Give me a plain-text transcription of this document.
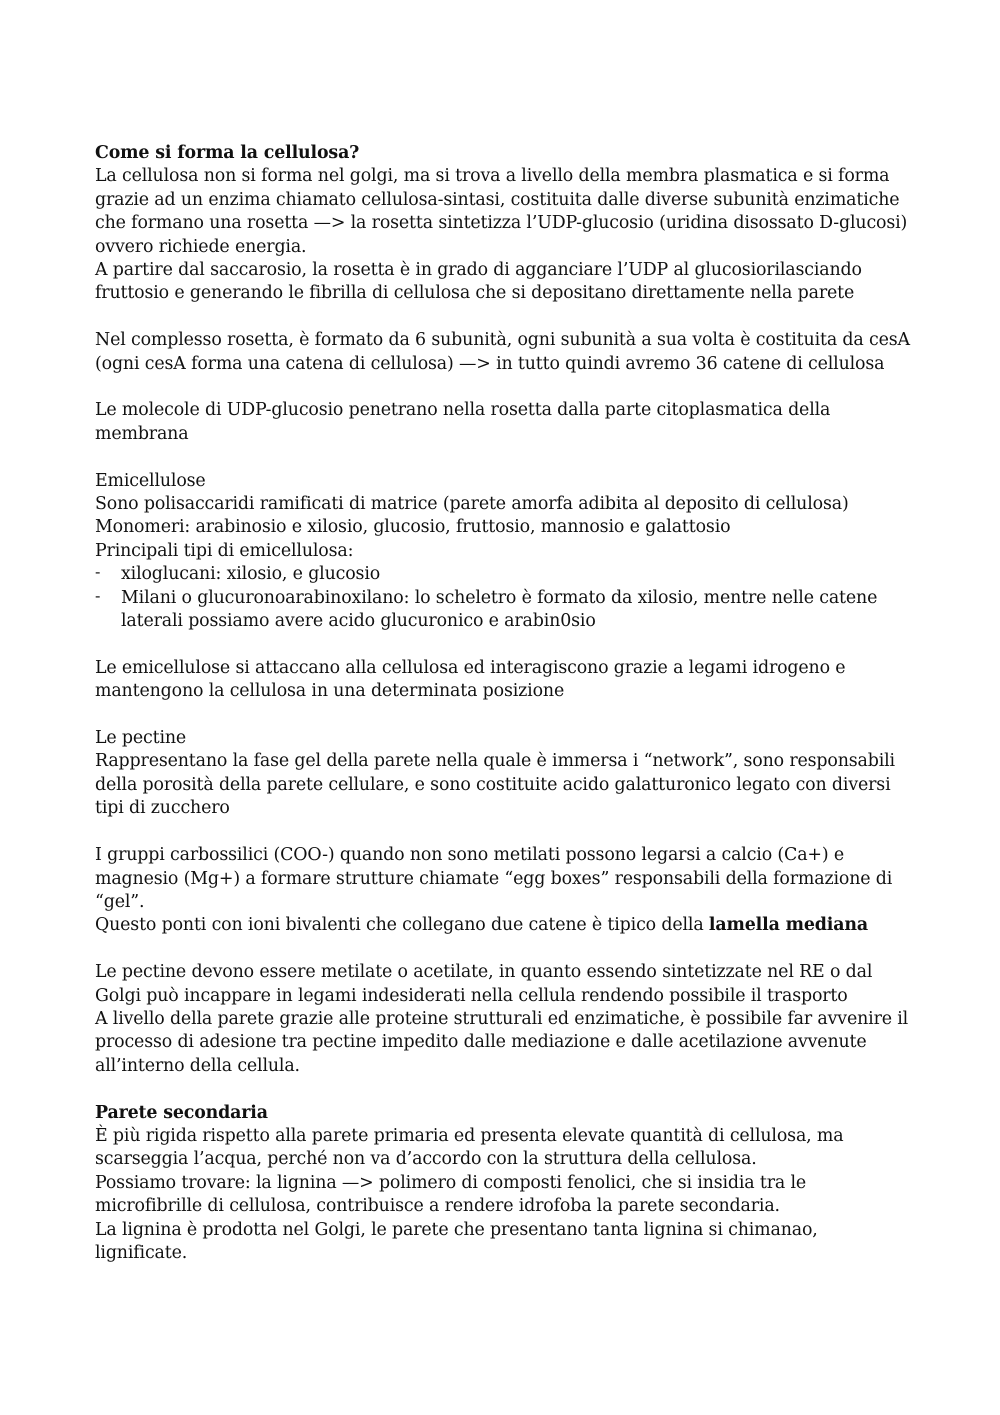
Come si forma la cellulosa?

La cellulosa non si forma nel golgi, ma si trova a livello della membra plasmatica e si forma grazie ad un enzima chiamato cellulosa-sintasi, costituita dalle diverse subunità enzimatiche che formano una rosetta —> la rosetta sintetizza l’UDP-glucosio (uridina disossato D-glucosi) ovvero richiede energia.

A partire dal saccarosio, la rosetta è in grado di agganciare l’UDP al glucosiorilasciando fruttosio e generando le fibrilla di cellulosa che si depositano direttamente nella parete

Nel complesso rosetta, è formato da 6 subunità, ogni subunità a sua volta è costituita da cesA (ogni cesA forma una catena di cellulosa) —> in tutto quindi avremo 36 catene di cellulosa

Le molecole di UDP-glucosio penetrano nella rosetta dalla parte citoplasmatica della membrana

Emicellulose

Sono polisaccaridi ramificati di matrice (parete amorfa adibita al deposito di cellulosa)

Monomeri: arabinosio e xilosio, glucosio, fruttosio, mannosio e galattosio

Principali tipi di emicellulosa:

- xiloglucani: xilosio, e glucosio
- Milani o glucuronoarabinoxilano: lo scheletro è formato da xilosio, mentre nelle catene laterali possiamo avere acido glucuronico e arabin0sio

Le emicellulose si attaccano alla cellulosa ed interagiscono grazie a legami idrogeno e mantengono la cellulosa in una determinata posizione

Le pectine

Rappresentano la fase gel della parete nella quale è immersa i “network”, sono responsabili della porosità della parete cellulare, e sono costituite acido galatturonico legato con diversi tipi di zucchero

I gruppi carbossilici (COO-) quando non sono metilati possono legarsi a calcio (Ca+) e magnesio (Mg+) a formare strutture chiamate “egg boxes” responsabili della formazione di “gel”.

Questo ponti con ioni bivalenti che collegano due catene è tipico della lamella mediana

Le pectine devono essere metilate o acetilate, in quanto essendo sintetizzate nel RE o dal Golgi può incappare in legami indesiderati nella cellula rendendo possibile il trasporto

A livello della parete grazie alle proteine strutturali ed enzimatiche, è possibile far avvenire il processo di adesione tra pectine impedito dalle mediazione e dalle acetilazione avvenute all’interno della cellula.

Parete secondaria

È più rigida rispetto alla parete primaria ed presenta elevate quantità di cellulosa, ma scarseggia l’acqua, perché non va d’accordo con la struttura della cellulosa.

Possiamo trovare: la lignina —> polimero di composti fenolici, che si insidia tra le microfibrille di cellulosa, contribuisce a rendere idrofoba la parete secondaria.

La lignina è prodotta nel Golgi, le parete che presentano tanta lignina si chimanao, lignificate.
